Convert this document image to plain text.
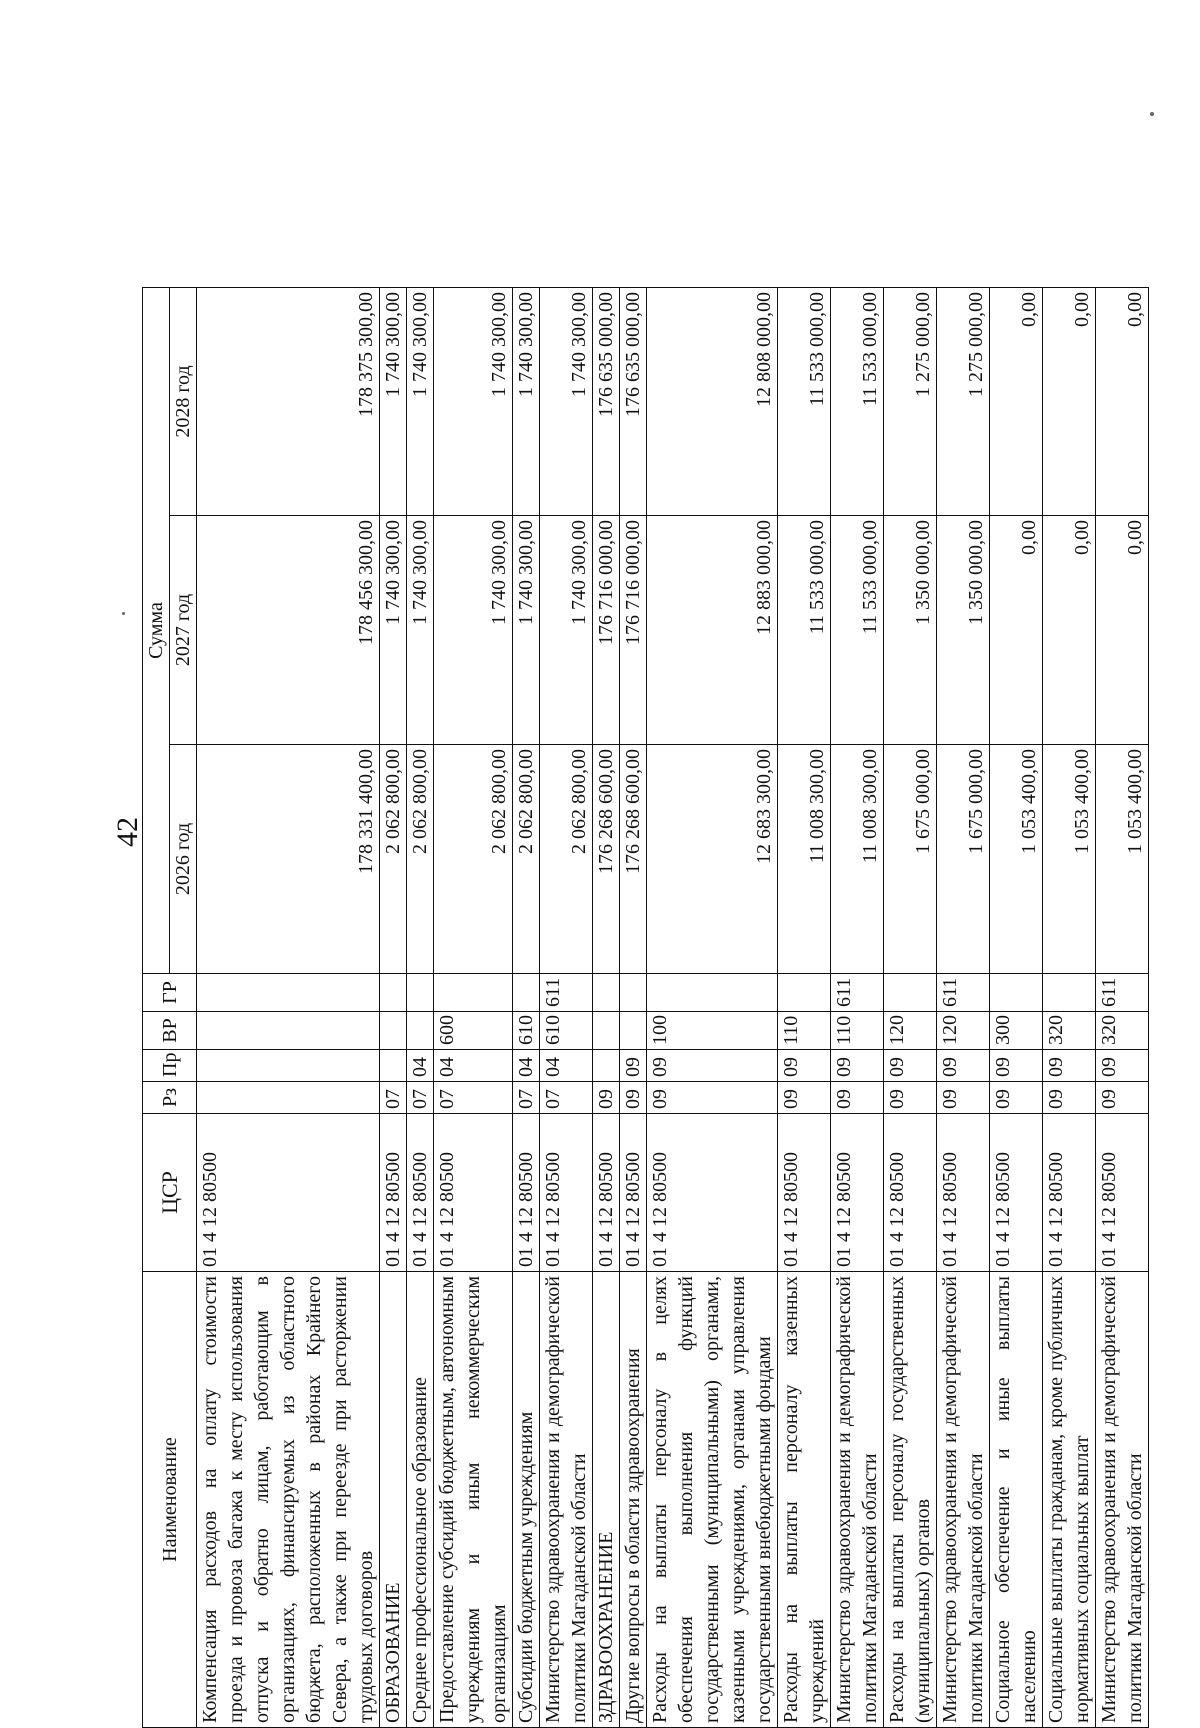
42
Наименование	ЦСР	Рз	Пр	ВР	ГР	Сумма		
						2026 год	2027 год	2028 год
Компенсация расходов на оплату стоимости проезда и провоза багажа к месту использования отпуска и обратно лицам, работающим в организациях, финансируемых из областного бюджета, расположенных в районах Крайнего Севера, а также при переезде при расторжении трудовых договоров	01 4 12 80500					178 331 400,00	178 456 300,00	178 375 300,00
ОБРАЗОВАНИЕ	01 4 12 80500	07				2 062 800,00	1 740 300,00	1 740 300,00
Среднее профессиональное образование	01 4 12 80500	07	04			2 062 800,00	1 740 300,00	1 740 300,00
Предоставление субсидий бюджетным, автономным учреждениям и иным некоммерческим организациям	01 4 12 80500	07	04	600		2 062 800,00	1 740 300,00	1 740 300,00
Субсидии бюджетным учреждениям	01 4 12 80500	07	04	610		2 062 800,00	1 740 300,00	1 740 300,00
Министерство здравоохранения и демографической политики Магаданской области	01 4 12 80500	07	04	610	611	2 062 800,00	1 740 300,00	1 740 300,00
ЗДРАВООХРАНЕНИЕ	01 4 12 80500	09				176 268 600,00	176 716 000,00	176 635 000,00
Другие вопросы в области здравоохранения	01 4 12 80500	09	09			176 268 600,00	176 716 000,00	176 635 000,00
Расходы на выплаты персоналу в целях обеспечения выполнения функций государственными (муниципальными) органами, казенными учреждениями, органами управления государственными внебюджетными фондами	01 4 12 80500	09	09	100		12 683 300,00	12 883 000,00	12 808 000,00
Расходы на выплаты персоналу казенных учреждений	01 4 12 80500	09	09	110		11 008 300,00	11 533 000,00	11 533 000,00
Министерство здравоохранения и демографической политики Магаданской области	01 4 12 80500	09	09	110	611	11 008 300,00	11 533 000,00	11 533 000,00
Расходы на выплаты персоналу государственных (муниципальных) органов	01 4 12 80500	09	09	120		1 675 000,00	1 350 000,00	1 275 000,00
Министерство здравоохранения и демографической политики Магаданской области	01 4 12 80500	09	09	120	611	1 675 000,00	1 350 000,00	1 275 000,00
Социальное обеспечение и иные выплаты населению	01 4 12 80500	09	09	300		1 053 400,00	0,00	0,00
Социальные выплаты гражданам, кроме публичных нормативных социальных выплат	01 4 12 80500	09	09	320		1 053 400,00	0,00	0,00
Министерство здравоохранения и демографической политики Магаданской области	01 4 12 80500	09	09	320	611	1 053 400,00	0,00	0,00
